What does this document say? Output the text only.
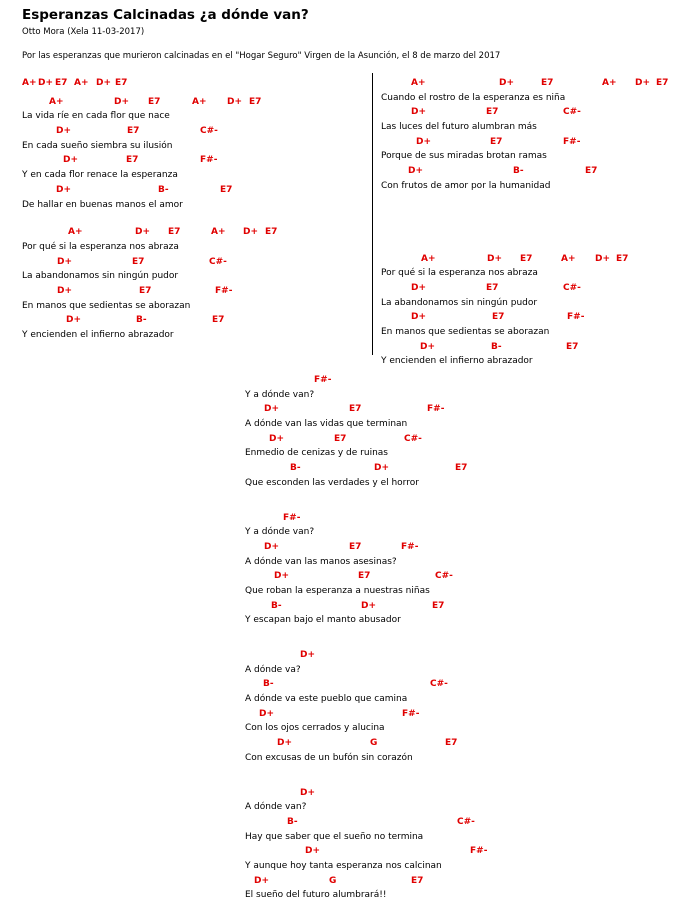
Esperanzas Calcinadas ¿a dónde van?
Otto Mora (Xela 11-03-2017)
Por las esperanzas que murieron calcinadas en el "Hogar Seguro" Virgen de la Asunción, el 8 de marzo del 2017
A+ D+ E7 A+ D+ E7
A+	D+ E7	A+ D+ E7
La vida ríe en cada flor que nace
D+	E7	C#-
En cada sueño siembra su ilusión
D+	E7	F#-
Y en cada flor renace la esperanza
D+	B-	E7
De hallar en buenas manos el amor
A+	D+ E7	A+ D+ E7
Por qué si la esperanza nos abraza
D+	E7	C#-
La abandonamos sin ningún pudor
D+	E7	F#-
En manos que sedientas se aborazan
D+	B-	E7
Y encienden el infierno abrazador
A+	D+	E7	A+ D+ E7
Cuando el rostro de la esperanza es niña
D+	E7	C#-
Las luces del futuro alumbran más
D+	E7	F#-
Porque de sus miradas brotan ramas
D+	B-	E7
Con frutos de amor por la humanidad
A+	D+ E7	A+ D+ E7
Por qué si la esperanza nos abraza
D+	E7	C#-
La abandonamos sin ningún pudor
D+	E7	F#-
En manos que sedientas se aborazan
D+	B-	E7
Y encienden el infierno abrazador
F#-
Y a dónde van?
D+	E7	F#-
A dónde van las vidas que terminan
D+	E7	C#-
Enmedio de cenizas y de ruinas
B-	D+	E7
Que esconden las verdades y el horror
F#-
Y a dónde van?
D+	E7	F#-
A dónde van las manos asesinas?
D+	E7	C#-
Que roban la esperanza a nuestras niñas
B-	D+	E7
Y escapan bajo el manto abusador
D+
A dónde va?
B-	C#-
A dónde va este pueblo que camina
D+	F#-
Con los ojos cerrados y alucina
D+	G	E7
Con excusas de un bufón sin corazón
D+
A dónde van?
B-	C#-
Hay que saber que el sueño no termina
D+	F#-
Y aunque hoy tanta esperanza nos calcinan
D+	G	E7
El sueño del futuro alumbrará!!
